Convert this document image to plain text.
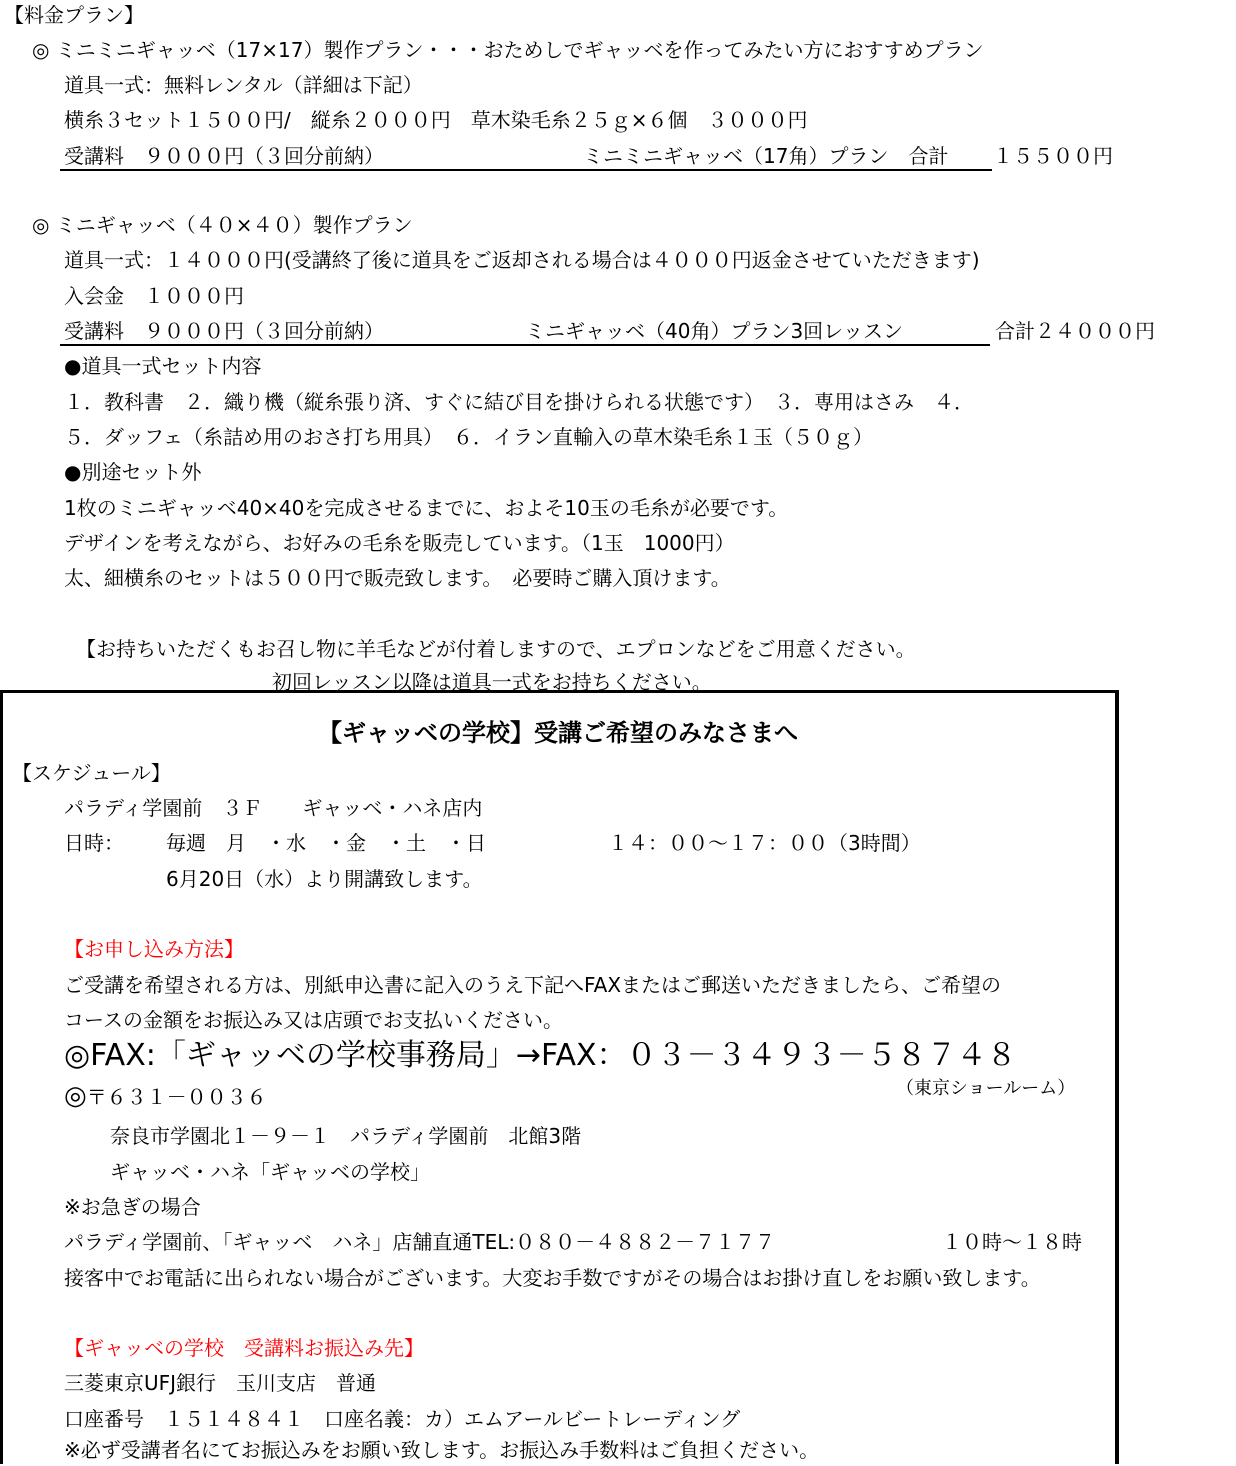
【料金プラン】
◎ ミニミニギャッベ（17×17）製作プラン・・・おためしでギャッベを作ってみたい方におすすめプラン
道具一式：無料レンタル（詳細は下記）
横糸３セット１５００円/　縦糸２０００円　草木染毛糸２５ｇ×６個　３０００円
受講料　９０００円（３回分前納）	ミニミニギャッベ（17角）プラン　合計 １５５００円
◎ ミニギャッベ（４０×４０）製作プラン
道具一式：１４０００円(受講終了後に道具をご返却される場合は４０００円返金させていただきます)
入会金　１０００円
受講料　９０００円（３回分前納）	ミニギャッベ（40角）プラン3回レッスン	合計２４０００円
●道具一式セット内容
１．教科書　２．織り機（縦糸張り済、すぐに結び目を掛けられる状態です）　３．専用はさみ　４．
５．ダッフェ（糸詰め用のおさ打ち用具）　６．イラン直輸入の草木染毛糸１玉（５０ｇ）
●別途セット外
1枚のミニギャッベ40×40を完成させるまでに、およそ10玉の毛糸が必要です。
デザインを考えながら、お好みの毛糸を販売しています。（1玉　1000円）
太、細横糸のセットは５００円で販売致します。　必要時ご購入頂けます。
【お持ちいただくもお召し物に羊毛などが付着しますので、エプロンなどをご用意ください。
初回レッスン以降は道具一式をお持ちください。
【ギャッベの学校】受講ご希望のみなさまへ
【スケジュール】
パラディ学園前　３Ｆ　　ギャッベ・ハネ店内
日時： 毎週　月　・水　・金　・土　・日	１４：００～１７：００（3時間）
6月20日（水）より開講致します。
【お申し込み方法】
ご受講を希望される方は、別紙申込書に記入のうえ下記へFAXまたはご郵送いただきましたら、ご希望の
コースの金額をお振込み又は店頭でお支払いください。
◎FAX:「ギャッベの学校事務局」→FAX：０３－３４９３－５８７４８
（東京ショールーム）
◎〒６３１－００３６
奈良市学園北１－９－１　パラディ学園前　北館3階
ギャッベ・ハネ「ギャッベの学校」
※お急ぎの場合
パラディ学園前、「ギャッベ　ハネ」店舗直通TEL:０８０－４８８２－７１７７	１０時～１８時
接客中でお電話に出られない場合がございます。大変お手数ですがその場合はお掛け直しをお願い致します。
【ギャッベの学校　受講料お振込み先】
三菱東京UFJ銀行　玉川支店　普通
口座番号　１５１４８４１　口座名義：カ）エムアールビートレーディング
※必ず受講者名にてお振込みをお願い致します。お振込み手数料はご負担ください。
